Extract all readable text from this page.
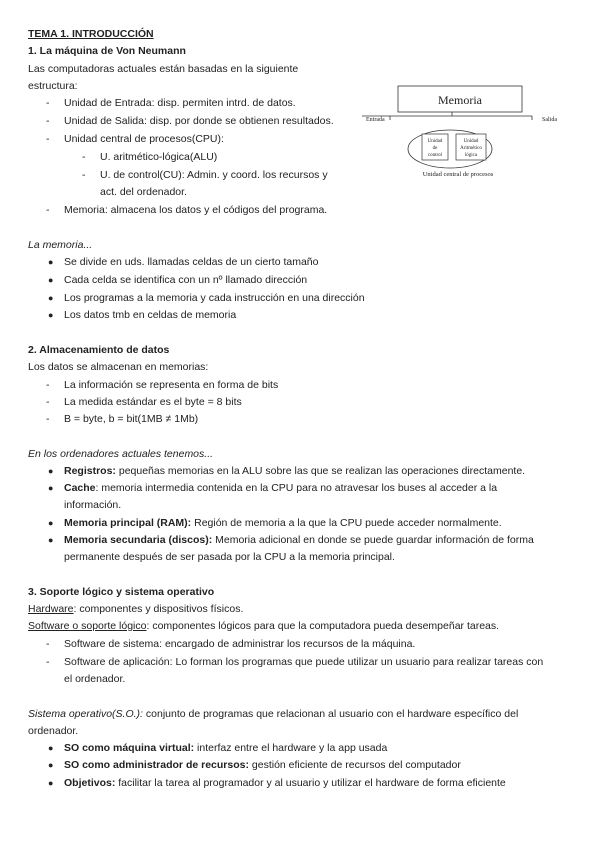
TEMA 1. INTRODUCCIÓN
1. La máquina de Von Neumann
Las computadoras actuales están basadas en la siguiente
estructura:
- Unidad de Entrada: disp. permiten intrd. de datos.
- Unidad de Salida: disp. por donde se obtienen resultados.
- Unidad central de procesos(CPU):
- U. aritmético-lógica(ALU)
- U. de control(CU): Admin. y coord. los recursos y
act. del ordenador.
- Memoria: almacena los datos y el códigos del programa.
Memoria
Entrada	Salida
Unidad
de
control
Unidad
Aritmético
lógica
Unidad central de procesos
La memoria...
● Se divide en uds. llamadas celdas de un cierto tamaño
● Cada celda se identifica con un nº llamado dirección
● Los programas a la memoria y cada instrucción en una dirección
● Los datos tmb en celdas de memoria
2. Almacenamiento de datos
Los datos se almacenan en memorias:
- La información se representa en forma de bits
- La medida estándar es el byte = 8 bits
- B = byte, b = bit(1MB ≠ 1Mb)
En los ordenadores actuales tenemos...
● Registros: pequeñas memorias en la ALU sobre las que se realizan las operaciones directamente.
● Cache: memoria intermedia contenida en la CPU para no atravesar los buses al acceder a la
información.
● Memoria principal (RAM): Región de memoria a la que la CPU puede acceder normalmente.
● Memoria secundaria (discos): Memoria adicional en donde se puede guardar información de forma
permanente después de ser pasada por la CPU a la memoria principal.
3. Soporte lógico y sistema operativo
Hardware: componentes y dispositivos físicos.
Software o soporte lógico: componentes lógicos para que la computadora pueda desempeñar tareas.
- Software de sistema: encargado de administrar los recursos de la máquina.
- Software de aplicación: Lo forman los programas que puede utilizar un usuario para realizar tareas con
el ordenador.
Sistema operativo(S.O.): conjunto de programas que relacionan al usuario con el hardware específico del
ordenador.
● SO como máquina virtual: interfaz entre el hardware y la app usada
● SO como administrador de recursos: gestión eficiente de recursos del computador
● Objetivos: facilitar la tarea al programador y al usuario y utilizar el hardware de forma eficiente
